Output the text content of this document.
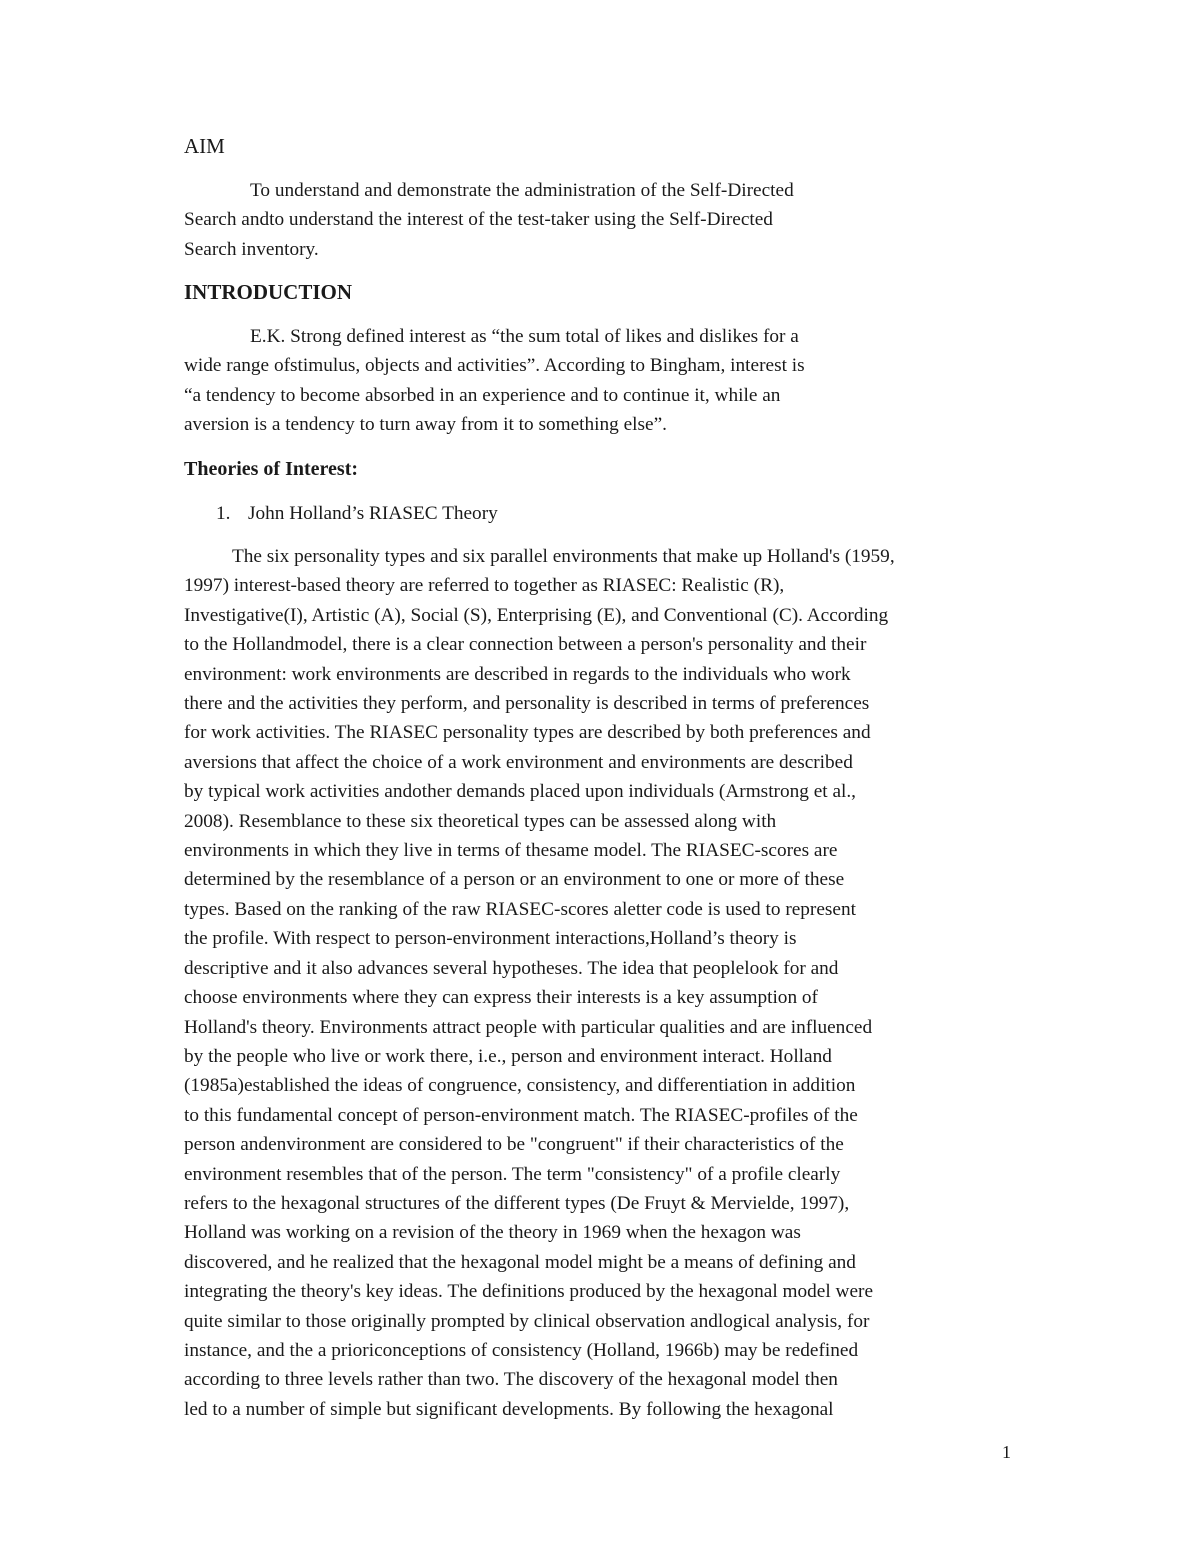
AIM

To understand and demonstrate the administration of the Self-Directed
Search andto understand the interest of the test-taker using the Self-Directed
Search inventory.

INTRODUCTION

E.K. Strong defined interest as “the sum total of likes and dislikes for a
wide range ofstimulus, objects and activities”. According to Bingham, interest is
“a tendency to become absorbed in an experience and to continue it, while an
aversion is a tendency to turn away from it to something else”.

Theories of Interest:

1. John Holland’s RIASEC Theory

The six personality types and six parallel environments that make up Holland's (1959,
1997) interest-based theory are referred to together as RIASEC: Realistic (R),
Investigative(I), Artistic (A), Social (S), Enterprising (E), and Conventional (C). According
to the Hollandmodel, there is a clear connection between a person's personality and their
environment: work environments are described in regards to the individuals who work
there and the activities they perform, and personality is described in terms of preferences
for work activities. The RIASEC personality types are described by both preferences and
aversions that affect the choice of a work environment and environments are described
by typical work activities andother demands placed upon individuals (Armstrong et al.,
2008). Resemblance to these six theoretical types can be assessed along with
environments in which they live in terms of thesame model. The RIASEC-scores are
determined by the resemblance of a person or an environment to one or more of these
types. Based on the ranking of the raw RIASEC-scores aletter code is used to represent
the profile. With respect to person-environment interactions,Holland’s theory is
descriptive and it also advances several hypotheses. The idea that peoplelook for and
choose environments where they can express their interests is a key assumption of
Holland's theory. Environments attract people with particular qualities and are influenced
by the people who live or work there, i.e., person and environment interact. Holland
(1985a)established the ideas of congruence, consistency, and differentiation in addition
to this fundamental concept of person-environment match. The RIASEC-profiles of the
person andenvironment are considered to be "congruent" if their characteristics of the
environment resembles that of the person. The term "consistency" of a profile clearly
refers to the hexagonal structures of the different types (De Fruyt & Mervielde, 1997),
Holland was working on a revision of the theory in 1969 when the hexagon was
discovered, and he realized that the hexagonal model might be a means of defining and
integrating the theory's key ideas. The definitions produced by the hexagonal model were
quite similar to those originally prompted by clinical observation andlogical analysis, for
instance, and the a prioriconceptions of consistency (Holland, 1966b) may be redefined
according to three levels rather than two. The discovery of the hexagonal model then
led to a number of simple but significant developments. By following the hexagonal

1
